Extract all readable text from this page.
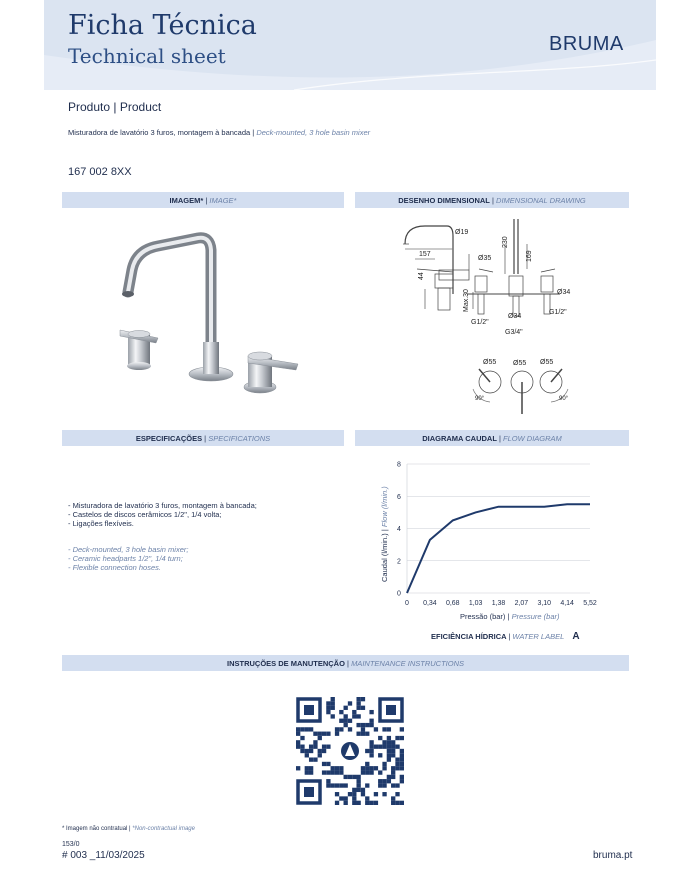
Ficha Técnica
Technical sheet	BRUMA
Produto | Product
Misturadora de lavatório 3 furos, montagem à bancada | Deck-mounted, 3 hole basin mixer
167 002 8XX
IMAGEM*
|
IMAGE*	DESENHO DIMENSIONAL
|
DIMENSIONAL DRAWING
Ø19
157
230
Ø35	169
44
Max.30	Ø34
Ø34
G1/2"
G1/2"
G3/4"
Ø55 Ø55 Ø55
90°	90°
ESPECIFICAÇÕES
|
SPECIFICATIONS	DIAGRAMA CAUDAL
|
FLOW DIAGRAM
- Misturadora de lavatório 3 furos, montagem à bancada;
- Castelos de discos cerâmicos 1/2", 1/4 volta;
- Ligações flexíveis.
- Deck-mounted, 3 hole basin mixer;
- Ceramic headparts 1/2", 1/4 turn;
- Flexible connection hoses.
0
2
4
6
8
0 0,34 0,68 1,03 1,38 2,07 3,10 4,14 5,52
Caudal (l/min.) | Flow (l/min.)
Pressão (bar) | Pressure (bar)
EFICIÊNCIA HÍDRICA | WATER LABEL A
INSTRUÇÕES DE MANUTENÇÃO
|
MAINTENANCE INSTRUCTIONS
* Imagem não contratual | *Non-contractual image
153/0
# 003 _11/03/2025	bruma.pt
